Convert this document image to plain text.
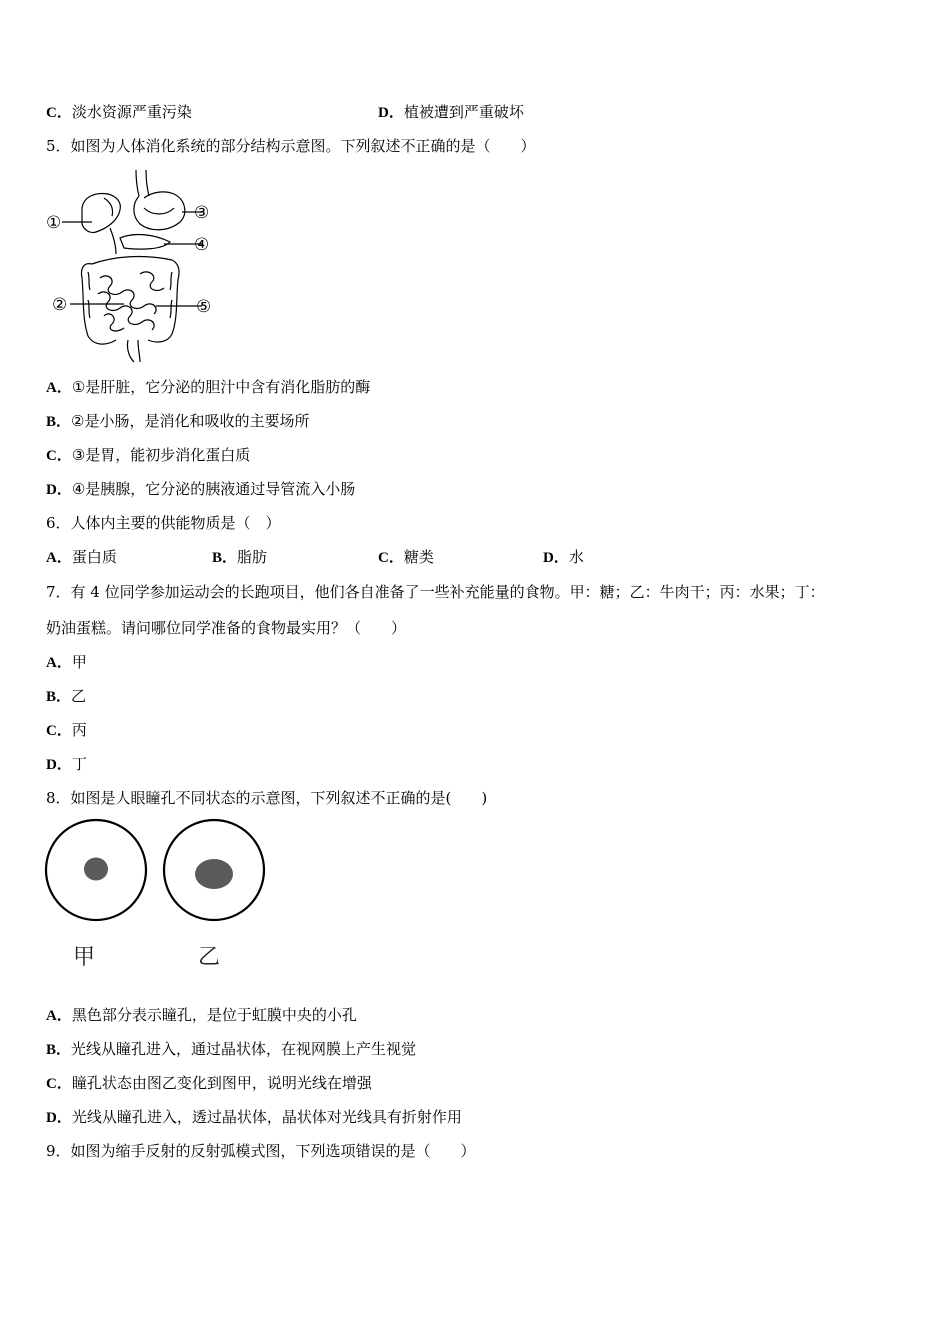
C．淡水资源严重污染	D．植被遭到严重破坏
5．如图为人体消化系统的部分结构示意图。下列叙述不正确的是（　　）
①
②
③
④
⑤
A．①是肝脏，它分泌的胆汁中含有消化脂肪的酶
B．②是小肠，是消化和吸收的主要场所
C．③是胃，能初步消化蛋白质
D．④是胰腺，它分泌的胰液通过导管流入小肠
6．人体内主要的供能物质是（　）
A．蛋白质	B．脂肪	C．糖类	D．水
7．有 4 位同学参加运动会的长跑项目，他们各自准备了一些补充能量的食物。甲：糖；乙：牛肉干；丙：水果；丁：
奶油蛋糕。请问哪位同学准备的食物最实用？（　　）
A．甲
B．乙
C．丙
D．丁
8．如图是人眼瞳孔不同状态的示意图，下列叙述不正确的是(　　)
甲	乙
A．黑色部分表示瞳孔，是位于虹膜中央的小孔
B．光线从瞳孔进入，通过晶状体，在视网膜上产生视觉
C．瞳孔状态由图乙变化到图甲，说明光线在增强
D．光线从瞳孔进入，透过晶状体，晶状体对光线具有折射作用
9．如图为缩手反射的反射弧模式图，下列选项错误的是（　　）
